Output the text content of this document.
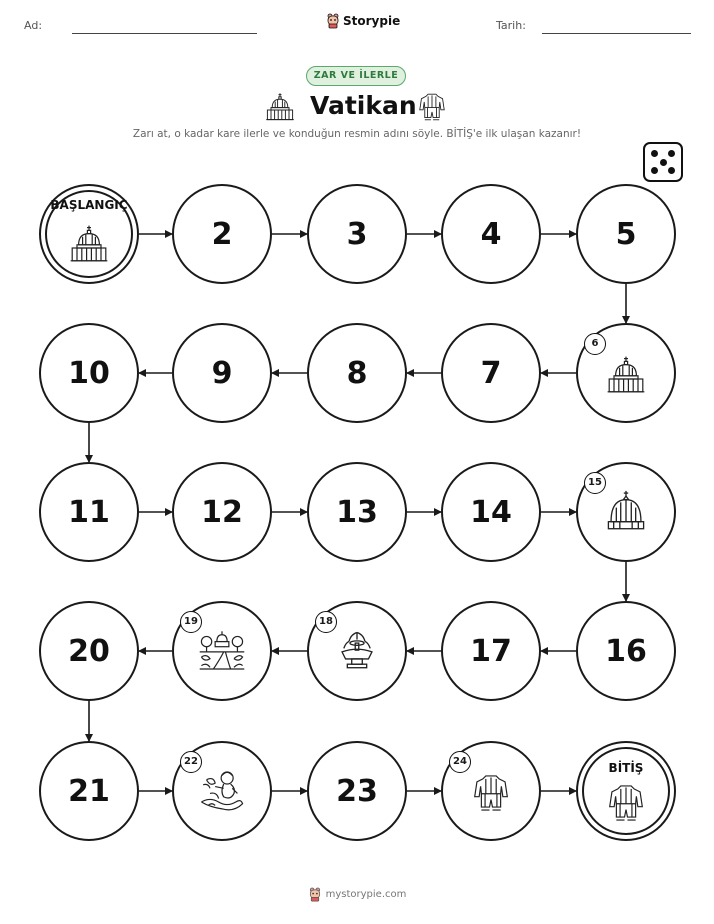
Ad:	Storypie	Tarih:
ZAR VE İLERLE
Vatikan
Zarı at, o kadar kare ilerle ve konduğun resmin adını söyle. BİTİŞ'e ilk ulaşan kazanır!
BAŞLANGIÇ
2	3	4	5
6
7
8
9
10
11	12	13	14
15
16
17
18
19
20
21
22
23
24	BİTİŞ
mystorypie.com
